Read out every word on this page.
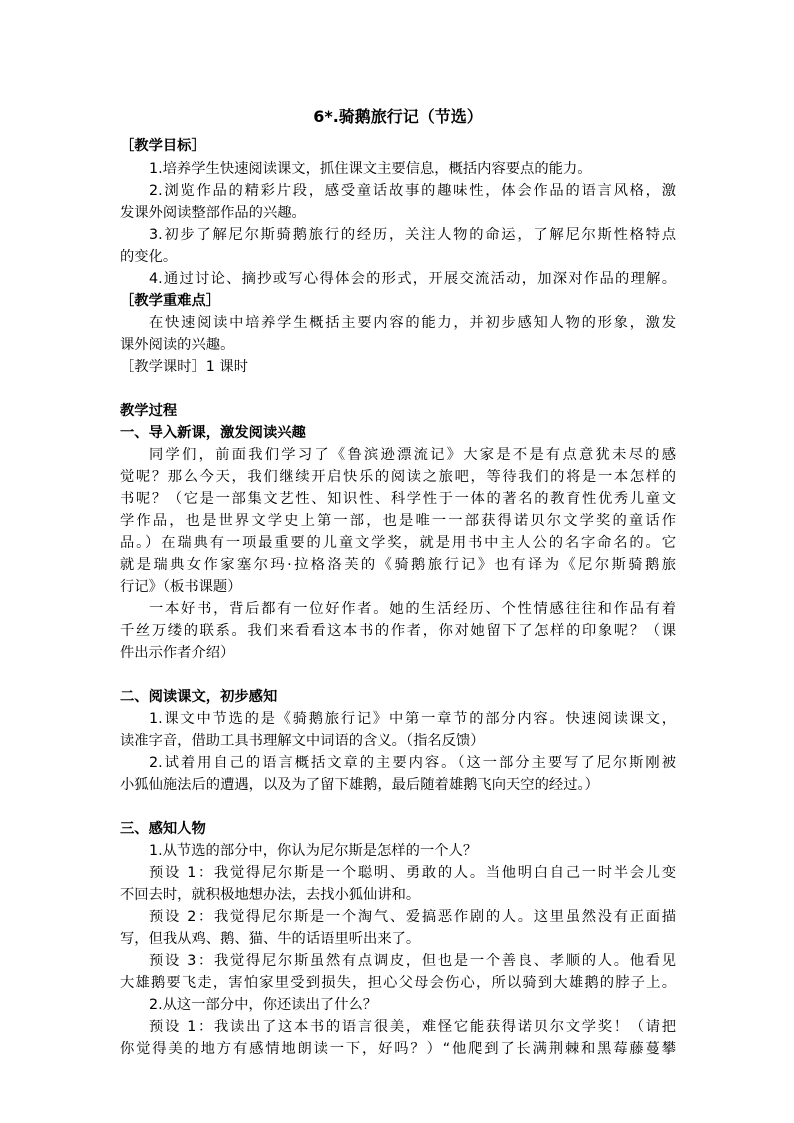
6*.骑鹅旅行记（节选）
［教学目标］
1.培养学生快速阅读课文，抓住课文主要信息，概括内容要点的能力。
2.浏览作品的精彩片段，感受童话故事的趣味性，体会作品的语言风格，激
发课外阅读整部作品的兴趣。
3.初步了解尼尔斯骑鹅旅行的经历，关注人物的命运，了解尼尔斯性格特点
的变化。
4.通过讨论、摘抄或写心得体会的形式，开展交流活动，加深对作品的理解。
［教学重难点］
在快速阅读中培养学生概括主要内容的能力，并初步感知人物的形象，激发
课外阅读的兴趣。
［教学课时］1 课时
教学过程
一、导入新课，激发阅读兴趣
同学们，前面我们学习了《鲁滨逊漂流记》大家是不是有点意犹未尽的感
觉呢？那么今天，我们继续开启快乐的阅读之旅吧，等待我们的将是一本怎样的
书呢？（它是一部集文艺性、知识性、科学性于一体的著名的教育性优秀儿童文
学作品，也是世界文学史上第一部，也是唯一一部获得诺贝尔文学奖的童话作
品。）在瑞典有一项最重要的儿童文学奖，就是用书中主人公的名字命名的。它
就是瑞典女作家塞尔玛·拉格洛芙的《骑鹅旅行记》也有译为《尼尔斯骑鹅旅
行记》（板书课题）
一本好书，背后都有一位好作者。她的生活经历、个性情感往往和作品有着
千丝万缕的联系。我们来看看这本书的作者，你对她留下了怎样的印象呢？（课
件出示作者介绍）
二、阅读课文，初步感知
1.课文中节选的是《骑鹅旅行记》中第一章节的部分内容。快速阅读课文，
读准字音，借助工具书理解文中词语的含义。（指名反馈）
2.试着用自己的语言概括文章的主要内容。（这一部分主要写了尼尔斯刚被
小狐仙施法后的遭遇，以及为了留下雄鹅，最后随着雄鹅飞向天空的经过。）
三、感知人物
1.从节选的部分中，你认为尼尔斯是怎样的一个人？
预设 1：我觉得尼尔斯是一个聪明、勇敢的人。当他明白自己一时半会儿变
不回去时，就积极地想办法，去找小狐仙讲和。
预设 2：我觉得尼尔斯是一个淘气、爱搞恶作剧的人。这里虽然没有正面描
写，但我从鸡、鹅、猫、牛的话语里听出来了。
预设 3：我觉得尼尔斯虽然有点调皮，但也是一个善良、孝顺的人。他看见
大雄鹅要飞走，害怕家里受到损失，担心父母会伤心，所以骑到大雄鹅的脖子上。
2.从这一部分中，你还读出了什么？
预设 1：我读出了这本书的语言很美，难怪它能获得诺贝尔文学奖！（请把
你觉得美的地方有感情地朗读一下，好吗？）“他爬到了长满荆棘和黑莓藤蔓攀
